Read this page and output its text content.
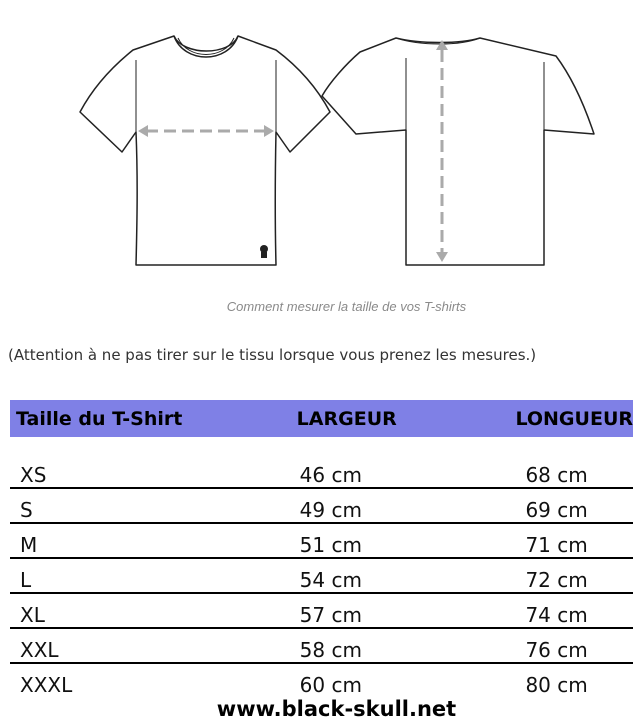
Comment mesurer la taille de vos T-shirts
(Attention à ne pas tirer sur le tissu lorsque vous prenez les mesures.)
Taille du T-Shirt	LARGEUR	LONGUEUR
XS	46 cm	68 cm
S	49 cm	69 cm
M	51 cm	71 cm
L	54 cm	72 cm
XL	57 cm	74 cm
XXL	58 cm	76 cm
XXXL	60 cm	80 cm
www.black-skull.net
